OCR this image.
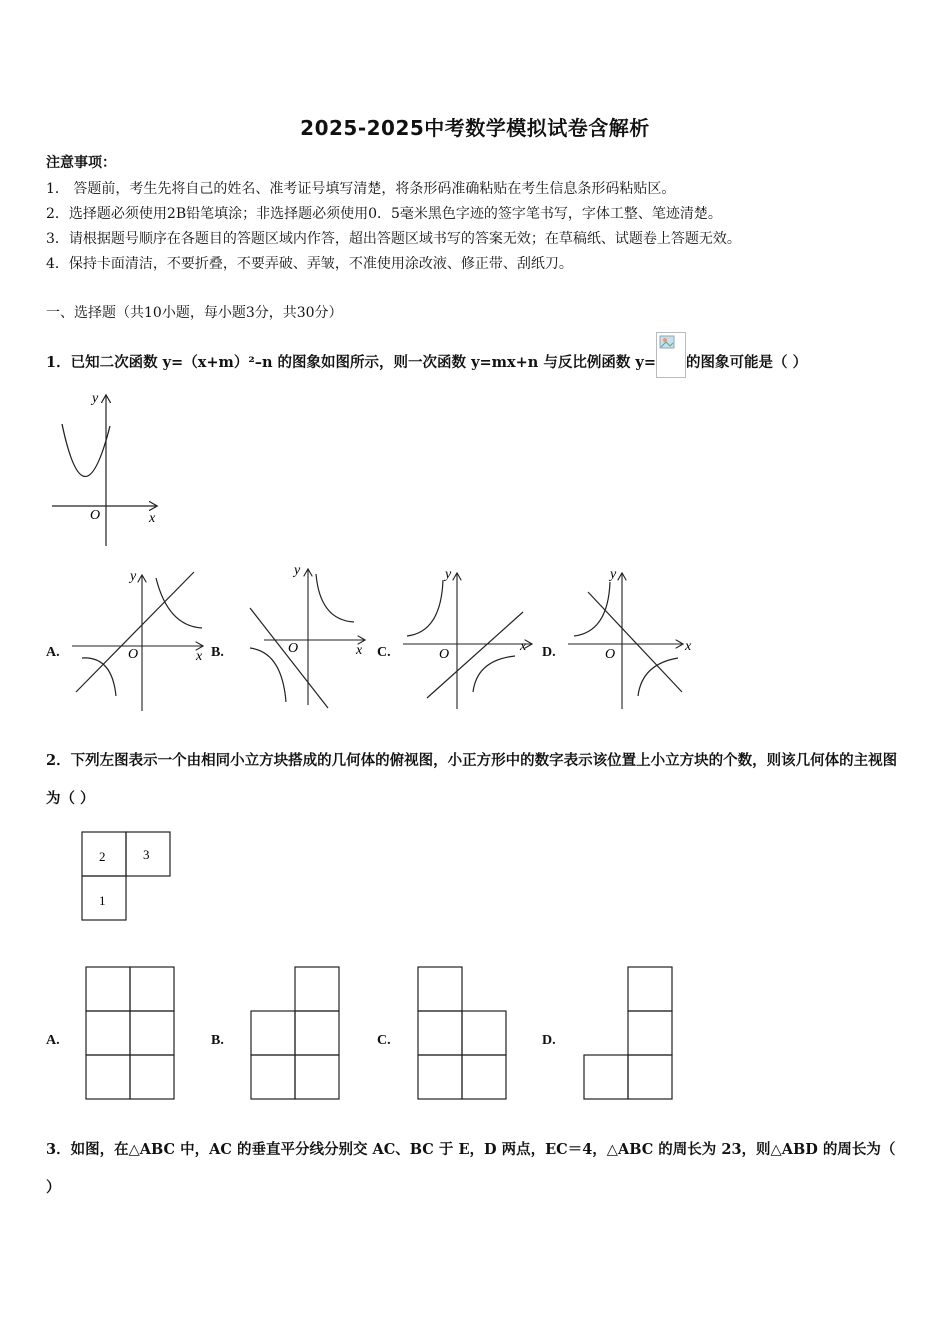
2025-2025中考数学模拟试卷含解析
注意事项：
1． 答题前，考生先将自己的姓名、准考证号填写清楚，将条形码准确粘贴在考生信息条形码粘贴区。
2．选择题必须使用2B铅笔填涂；非选择题必须使用0．5毫米黑色字迹的签字笔书写，字体工整、笔迹清楚。
3．请根据题号顺序在各题目的答题区域内作答，超出答题区域书写的答案无效；在草稿纸、试题卷上答题无效。
4．保持卡面清洁，不要折叠，不要弄破、弄皱，不准使用涂改液、修正带、刮纸刀。
一、选择题（共10小题，每小题3分，共30分）
1．已知二次函数 y=（x+m）²–n 的图象如图所示，则一次函数 y=mx+n 与反比例函数 y= 的图象可能是（ ）
y
x
O
A.
y
x
O	B.
y
x
O	C.
y
x
O	D.
y
x
O
2．下列左图表示一个由相同小立方块搭成的几何体的俯视图，小正方形中的数字表示该位置上小立方块的个数，则该几何体的主视图为（ ）
2	3
1
A.	B.	C.	D.
3．如图，在△ABC 中，AC 的垂直平分线分别交 AC、BC 于 E，D 两点，EC＝4，△ABC 的周长为 23，则△ABD 的周长为（ ）
